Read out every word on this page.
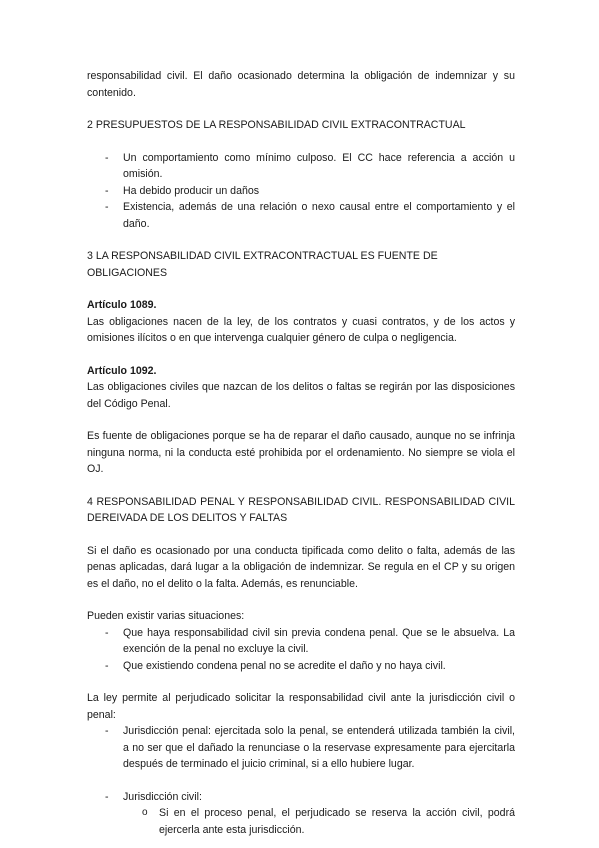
responsabilidad civil. El daño ocasionado determina la obligación de indemnizar y su contenido.

2 PRESUPUESTOS DE LA RESPONSABILIDAD CIVIL EXTRACONTRACTUAL

- Un comportamiento como mínimo culposo. El CC hace referencia a acción u omisión.
- Ha debido producir un daños
- Existencia, además de una relación o nexo causal entre el comportamiento y el daño.

3 LA RESPONSABILIDAD CIVIL EXTRACONTRACTUAL ES FUENTE DE OBLIGACIONES

Artículo 1089.

Las obligaciones nacen de la ley, de los contratos y cuasi contratos, y de los actos y omisiones ilícitos o en que intervenga cualquier género de culpa o negligencia.

Artículo 1092.

Las obligaciones civiles que nazcan de los delitos o faltas se regirán por las disposiciones del Código Penal.

Es fuente de obligaciones porque se ha de reparar el daño causado, aunque no se infrinja ninguna norma, ni la conducta esté prohibida por el ordenamiento. No siempre se viola el OJ.

4 RESPONSABILIDAD PENAL Y RESPONSABILIDAD CIVIL. RESPONSABILIDAD CIVIL DEREIVADA DE LOS DELITOS Y FALTAS

Si el daño es ocasionado por una conducta tipificada como delito o falta, además de las penas aplicadas, dará lugar a la obligación de indemnizar. Se regula en el CP y su origen es el daño, no el delito o la falta. Además, es renunciable.

Pueden existir varias situaciones:

- Que haya responsabilidad civil sin previa condena penal. Que se le absuelva. La exención de la penal no excluye la civil.
- Que existiendo condena penal no se acredite el daño y no haya civil.

La ley permite al perjudicado solicitar la responsabilidad civil ante la jurisdicción civil o penal:

- Jurisdicción penal: ejercitada solo la penal, se entenderá utilizada también la civil, a no ser que el dañado la renunciase o la reservase expresamente para ejercitarla después de terminado el juicio criminal, si a ello hubiere lugar.
- Jurisdicción civil:
o Si en el proceso penal, el perjudicado se reserva la acción civil, podrá ejercerla ante esta jurisdicción.
